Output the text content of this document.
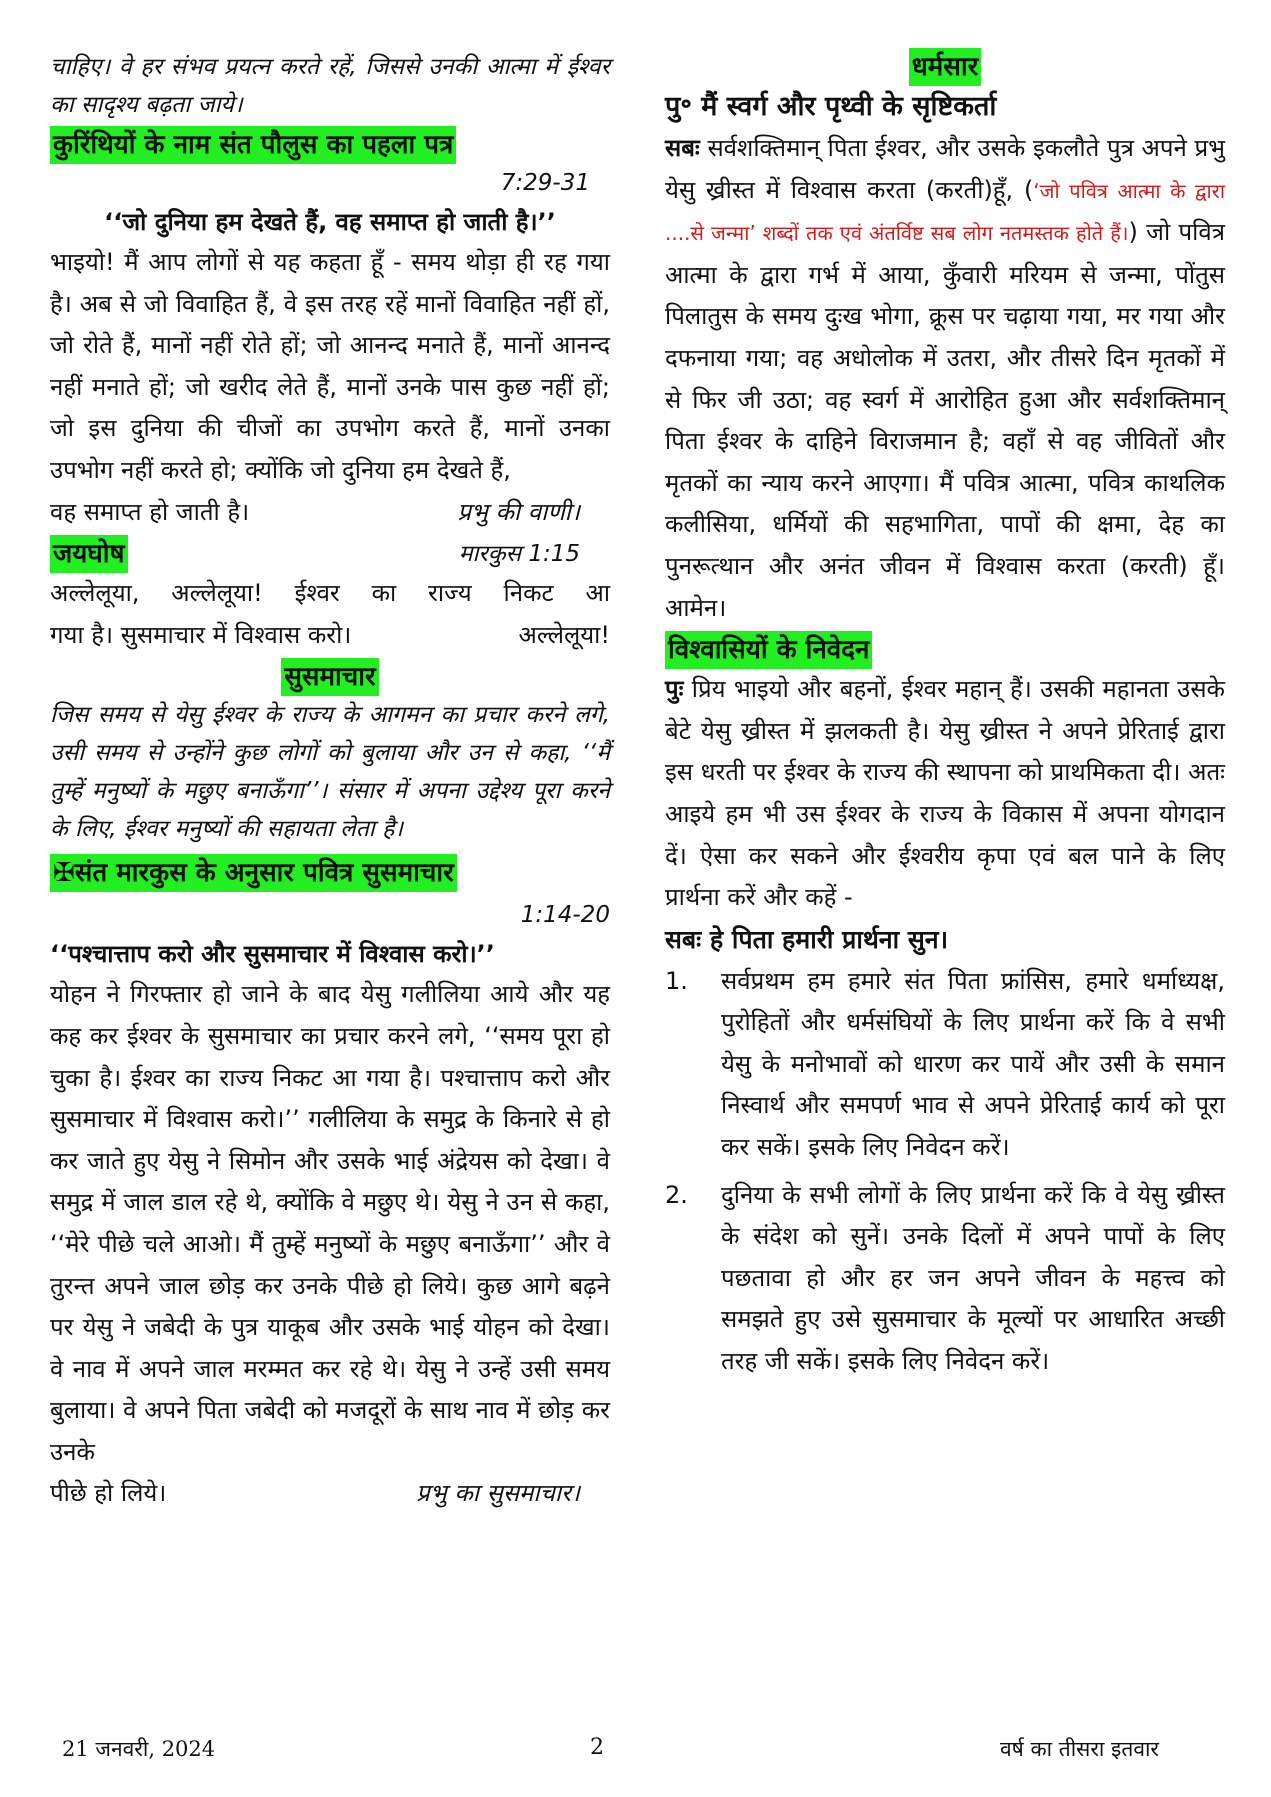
चाहिए। वे हर संभव प्रयत्न करते रहें, जिससे उनकी आत्मा में ईश्वर का सादृश्य बढ़ता जाये।

कुरिंथियों के नाम संत पौलुस का पहला पत्र

7:29-31

‘‘जो दुनिया हम देखते हैं, वह समाप्त हो जाती है।’’

भाइयो! मैं आप लोगों से यह कहता हूँ - समय थोड़ा ही रह गया है। अब से जो विवाहित हैं, वे इस तरह रहें मानों विवाहित नहीं हों, जो रोते हैं, मानों नहीं रोते हों; जो आनन्द मनाते हैं, मानों आनन्द नहीं मनाते हों; जो खरीद लेते हैं, मानों उनके पास कुछ नहीं हों; जो इस दुनिया की चीजों का उपभोग करते हैं, मानों उनका उपभोग नहीं करते हो; क्योंकि जो दुनिया हम देखते हैं,

वह समाप्त हो जाती है।	प्रभु की वाणी।
जयघोष	मारकुस 1:15

अल्लेलूया, अल्लेलूया! ईश्वर का राज्य निकट आ

गया है। सुसमाचार में विश्वास करो।	अल्लेलूया!
सुसमाचार

जिस समय से येसु ईश्वर के राज्य के आगमन का प्रचार करने लगे, उसी समय से उन्होंने कुछ लोगों को बुलाया और उन से कहा, ‘‘मैं तुम्हें मनुष्यों के मछुए बनाऊँगा’’। संसार में अपना उद्देश्य पूरा करने के लिए, ईश्वर मनुष्यों की सहायता लेता है।

✠संत मारकुस के अनुसार पवित्र सुसमाचार

1:14-20

‘‘पश्चात्ताप करो और सुसमाचार में विश्वास करो।’’

योहन ने गिरफ्तार हो जाने के बाद येसु गलीलिया आये और यह कह कर ईश्वर के सुसमाचार का प्रचार करने लगे, ‘‘समय पूरा हो चुका है। ईश्वर का राज्य निकट आ गया है। पश्चात्ताप करो और सुसमाचार में विश्वास करो।’’ गलीलिया के समुद्र के किनारे से हो कर जाते हुए येसु ने सिमोन और उसके भाई अंद्रेयस को देखा। वे समुद्र में जाल डाल रहे थे, क्योंकि वे मछुए थे। येसु ने उन से कहा, ‘‘मेरे पीछे चले आओ। मैं तुम्हें मनुष्यों के मछुए बनाऊँगा’’ और वे तुरन्त अपने जाल छोड़ कर उनके पीछे हो लिये। कुछ आगे बढ़ने पर येसु ने जबेदी के पुत्र याकूब और उसके भाई योहन को देखा। वे नाव में अपने जाल मरम्मत कर रहे थे। येसु ने उन्हें उसी समय बुलाया। वे अपने पिता जबेदी को मजदूरों के साथ नाव में छोड़ कर उनके

पीछे हो लिये।	प्रभु का सुसमाचार।
धर्मसार

पु॰ मैं स्वर्ग और पृथ्वी के सृष्टिकर्ता

सबः सर्वशक्तिमान् पिता ईश्वर, और उसके इकलौते पुत्र अपने प्रभु येसु ख्रीस्त में विश्वास करता (करती)हूँ, (‘जो पवित्र आत्मा के द्वारा ....से जन्मा’ शब्दों तक एवं अंतर्विष्ट सब लोग नतमस्तक होते हैं।) जो पवित्र आत्मा के द्वारा गर्भ में आया, कुँवारी मरियम से जन्मा, पोंतुस पिलातुस के समय दुःख भोगा, क्रूस पर चढ़ाया गया, मर गया और दफनाया गया; वह अधोलोक में उतरा, और तीसरे दिन मृतकों में से फिर जी उठा; वह स्वर्ग में आरोहित हुआ और सर्वशक्तिमान् पिता ईश्वर के दाहिने विराजमान है; वहाँ से वह जीवितों और मृतकों का न्याय करने आएगा। मैं पवित्र आत्मा, पवित्र काथलिक कलीसिया, धर्मियों की सहभागिता, पापों की क्षमा, देह का पुनरूत्थान और अनंत जीवन में विश्वास करता (करती) हूँ। आमेन।

विश्वासियों के निवेदन

पुः प्रिय भाइयो और बहनों, ईश्वर महान् हैं। उसकी महानता उसके बेटे येसु ख्रीस्त में झलकती है। येसु ख्रीस्त ने अपने प्रेरिताई द्वारा इस धरती पर ईश्वर के राज्य की स्थापना को प्राथमिकता दी। अतः आइये हम भी उस ईश्वर के राज्य के विकास में अपना योगदान दें। ऐसा कर सकने और ईश्वरीय कृपा एवं बल पाने के लिए प्रार्थना करें और कहें -

सबः हे पिता हमारी प्रार्थना सुन।

1. सर्वप्रथम हम हमारे संत पिता फ्रांसिस, हमारे धर्माध्यक्ष, पुरोहितों और धर्मसंघियों के लिए प्रार्थना करें कि वे सभी येसु के मनोभावों को धारण कर पायें और उसी के समान निस्वार्थ और समपर्ण भाव से अपने प्रेरिताई कार्य को पूरा कर सकें। इसके लिए निवेदन करें।
2. दुनिया के सभी लोगों के लिए प्रार्थना करें कि वे येसु ख्रीस्त के संदेश को सुनें। उनके दिलों में अपने पापों के लिए पछतावा हो और हर जन अपने जीवन के महत्त्व को समझते हुए उसे सुसमाचार के मूल्यों पर आधारित अच्छी तरह जी सकें। इसके लिए निवेदन करें।
21 जनवरी, 2024	2	वर्ष का तीसरा इतवार
